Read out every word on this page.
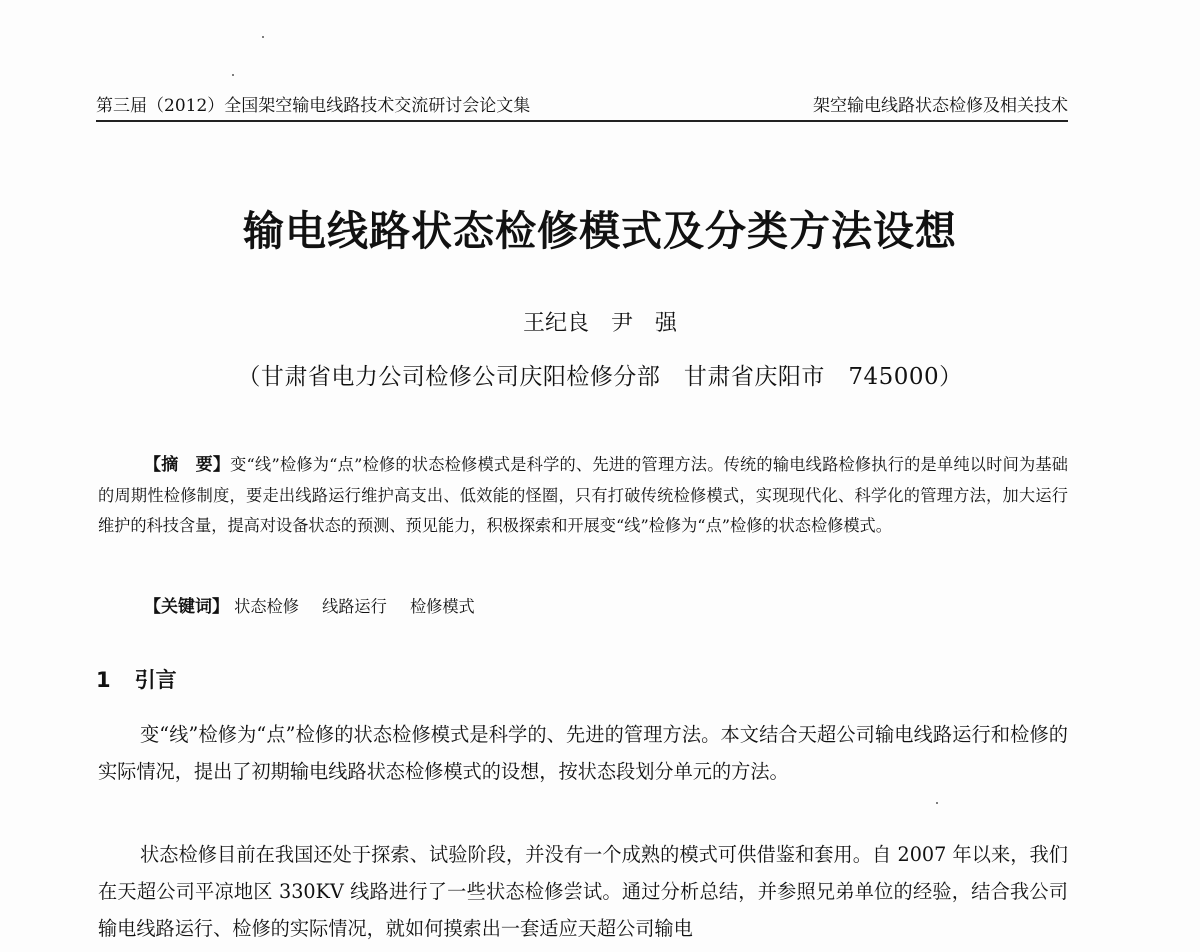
第三届（2012）全国架空输电线路技术交流研讨会论文集	架空输电线路状态检修及相关技术
输电线路状态检修模式及分类方法设想
王纪良　尹　强
（甘肃省电力公司检修公司庆阳检修分部　甘肃省庆阳市　745000）
【摘　要】变“线”检修为“点”检修的状态检修模式是科学的、先进的管理方法。传统的输电线路检修执行的是单纯以时间为基础的周期性检修制度，要走出线路运行维护高支出、低效能的怪圈，只有打破传统检修模式，实现现代化、科学化的管理方法，加大运行维护的科技含量，提高对设备状态的预测、预见能力，积极探索和开展变“线”检修为“点”检修的状态检修模式。
【关键词】 状态检修 线路运行 检修模式
1 引言
变“线”检修为“点”检修的状态检修模式是科学的、先进的管理方法。本文结合天超公司输电线路运行和检修的实际情况，提出了初期输电线路状态检修模式的设想，按状态段划分单元的方法。
状态检修目前在我国还处于探索、试验阶段，并没有一个成熟的模式可供借鉴和套用。自 2007 年以来，我们在天超公司平凉地区 330KV 线路进行了一些状态检修尝试。通过分析总结，并参照兄弟单位的经验，结合我公司输电线路运行、检修的实际情况，就如何摸索出一套适应天超公司输电
